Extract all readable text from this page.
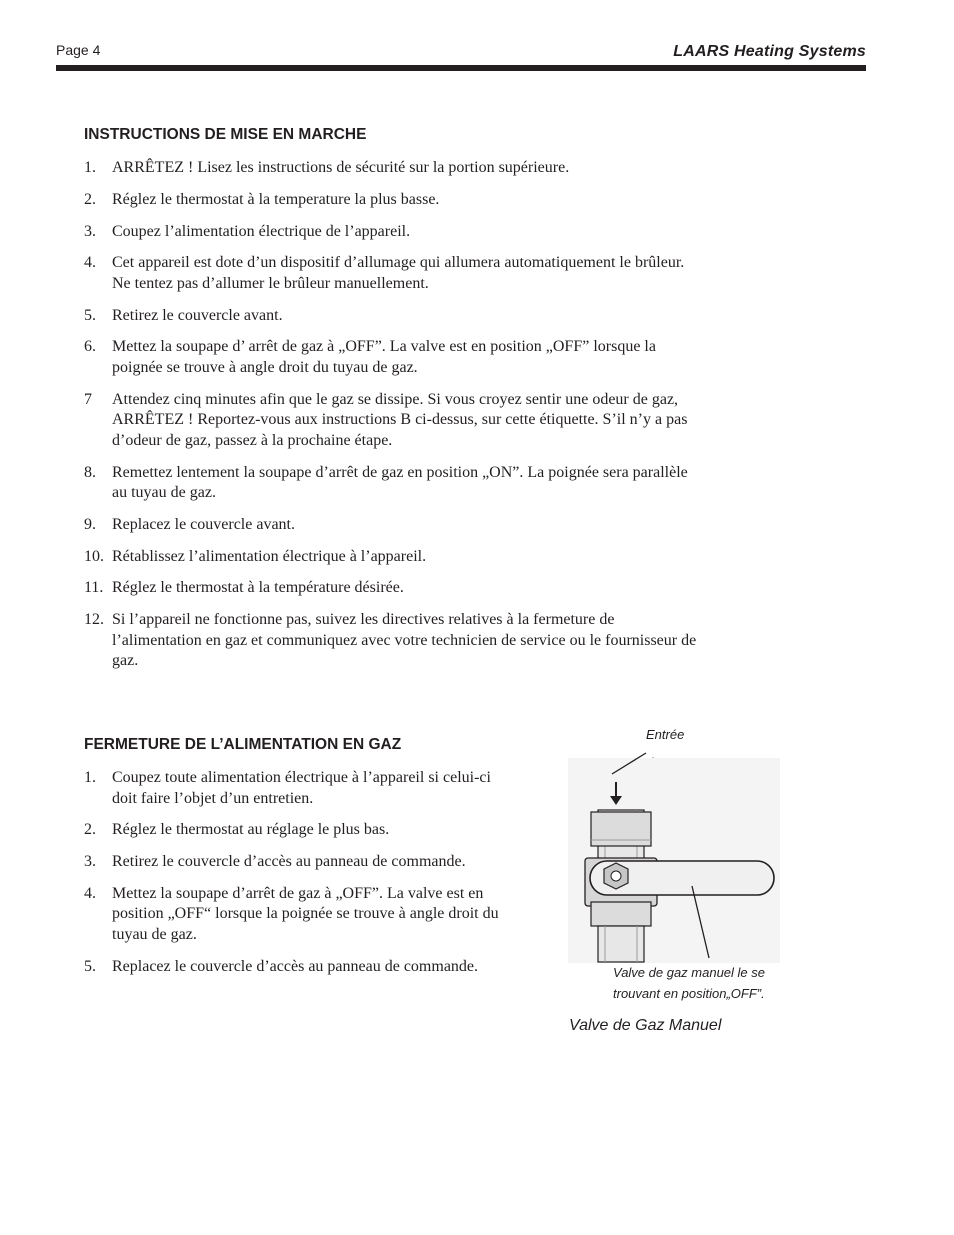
Page 4	LAARS Heating Systems
INSTRUCTIONS DE MISE EN MARCHE
1.	ARRÊTEZ ! Lisez les instructions de sécurité sur la portion supérieure.
2.	Réglez le thermostat à la temperature la plus basse.
3.	Coupez l’alimentation électrique de l’appareil.
4.	Cet appareil est dote d’un dispositif d’allumage qui allumera automatiquement le brûleur. Ne tentez pas d’allumer le brûleur manuellement.
5.	Retirez le couvercle avant.
6.	Mettez la soupape d’ arrêt de gaz à „OFF”. La valve est en position „OFF” lorsque la poignée se trouve à angle droit du tuyau de gaz.
7	Attendez cinq minutes afin que le gaz se dissipe. Si vous croyez sentir une odeur de gaz, ARRÊTEZ ! Reportez-vous aux instructions B ci-dessus, sur cette étiquette. S’il n’y a pas d’odeur de gaz, passez à la prochaine étape.
8.	Remettez lentement la soupape d’arrêt de gaz en position „ON”. La poignée sera parallèle au tuyau de gaz.
9.	Replacez le couvercle avant.
10. Rétablissez l’alimentation électrique à l’appareil.
11. Réglez le thermostat à la température désirée.
12. Si l’appareil ne fonctionne pas, suivez les directives relatives à la fermeture de l’alimentation en gaz et communiquez avec votre technicien de service ou le fournisseur de gaz.
FERMETURE DE L’ALIMENTATION EN GAZ
1.	Coupez toute alimentation électrique à l’appareil si celui-ci doit faire l’objet d’un entretien.
2.	Réglez le thermostat au réglage le plus bas.
3.	Retirez le couvercle d’accès au panneau de commande.
4.	Mettez la soupape d’arrêt de gaz à „OFF”. La valve est en position „OFF“ lorsque la poignée se trouve à angle droit du tuyau de gaz.
5.	Replacez le couvercle d’accès au panneau de commande.
Entrée
Valve de gaz manuel le se
trouvant en position„OFF”.
Valve de Gaz Manuel
